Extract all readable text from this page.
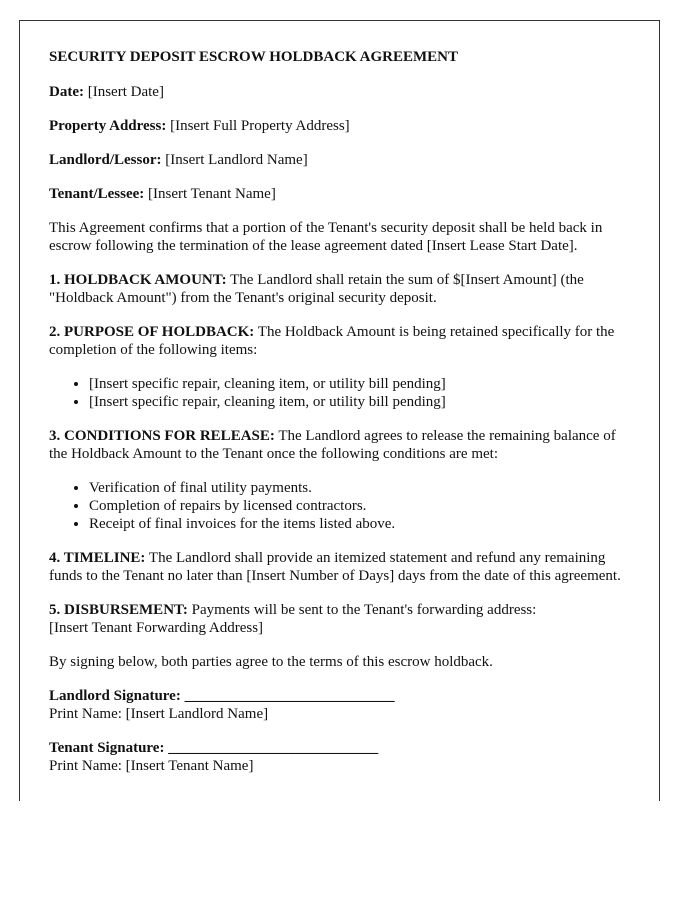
SECURITY DEPOSIT ESCROW HOLDBACK AGREEMENT

Date: [Insert Date]

Property Address: [Insert Full Property Address]

Landlord/Lessor: [Insert Landlord Name]

Tenant/Lessee: [Insert Tenant Name]

This Agreement confirms that a portion of the Tenant's security deposit shall be held back in escrow following the termination of the lease agreement dated [Insert Lease Start Date].

1. HOLDBACK AMOUNT: The Landlord shall retain the sum of $[Insert Amount] (the "Holdback Amount") from the Tenant's original security deposit.

2. PURPOSE OF HOLDBACK: The Holdback Amount is being retained specifically for the completion of the following items:

• [Insert specific repair, cleaning item, or utility bill pending]
• [Insert specific repair, cleaning item, or utility bill pending]

3. CONDITIONS FOR RELEASE: The Landlord agrees to release the remaining balance of the Holdback Amount to the Tenant once the following conditions are met:

• Verification of final utility payments.
• Completion of repairs by licensed contractors.
• Receipt of final invoices for the items listed above.

4. TIMELINE: The Landlord shall provide an itemized statement and refund any remaining funds to the Tenant no later than [Insert Number of Days] days from the date of this agreement.

5. DISBURSEMENT: Payments will be sent to the Tenant's forwarding address:
[Insert Tenant Forwarding Address]

By signing below, both parties agree to the terms of this escrow holdback.

Landlord Signature: ____________________________
Print Name: [Insert Landlord Name]
Tenant Signature: ____________________________
Print Name: [Insert Tenant Name]
